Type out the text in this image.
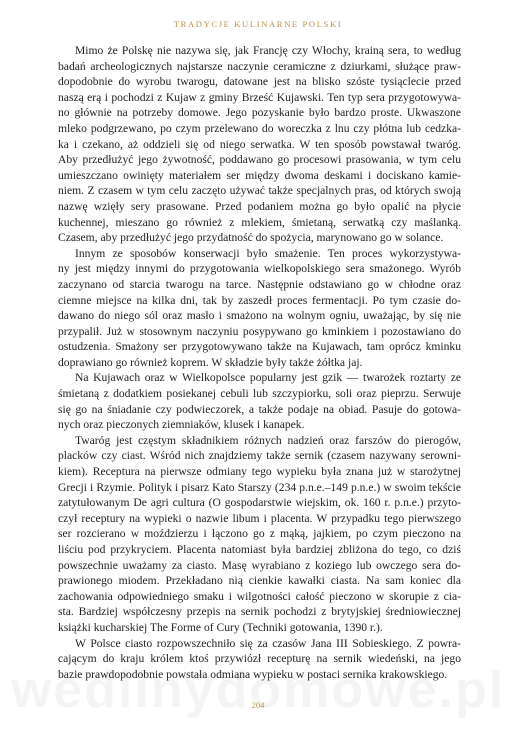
TRADYCJE KULINARNE POLSKI

Mimo że Polskę nie nazywa się, jak Francję czy Włochy, krainą sera, to według
badań archeologicznych najstarsze naczynie ceramiczne z dziurkami, służące praw-
dopodobnie do wyrobu twarogu, datowane jest na blisko szóste tysiąclecie przed
naszą erą i pochodzi z Kujaw z gminy Brześć Kujawski. Ten typ sera przygotowywa-
no głównie na potrzeby domowe. Jego pozyskanie było bardzo proste. Ukwaszone
mleko podgrzewano, po czym przelewano do woreczka z lnu czy płótna lub cedzka-
ka i czekano, aż oddzieli się od niego serwatka. W ten sposób powstawał twaróg.
Aby przedłużyć jego żywotność, poddawano go procesowi prasowania, w tym celu
umieszczano owinięty materiałem ser między dwoma deskami i dociskano kamie-
niem. Z czasem w tym celu zaczęto używać także specjalnych pras, od których swoją
nazwę wzięły sery prasowane. Przed podaniem można go było opalić na płycie
kuchennej, mieszano go również z mlekiem, śmietaną, serwatką czy maślanką.
Czasem, aby przedłużyć jego przydatność do spożycia, marynowano go w solance.

Innym ze sposobów konserwacji było smażenie. Ten proces wykorzystywa-
ny jest między innymi do przygotowania wielkopolskiego sera smażonego. Wyrób
zaczynano od starcia twarogu na tarce. Następnie odstawiano go w chłodne oraz
ciemne miejsce na kilka dni, tak by zaszedł proces fermentacji. Po tym czasie do-
dawano do niego sól oraz masło i smażono na wolnym ogniu, uważając, by się nie
przypalił. Już w stosownym naczyniu posypywano go kminkiem i pozostawiano do
ostudzenia. Smażony ser przygotowywano także na Kujawach, tam oprócz kminku
doprawiano go również koprem. W składzie były także żółtka jaj.

Na Kujawach oraz w Wielkopolsce popularny jest gzik — twarożek roztarty ze
śmietaną z dodatkiem posiekanej cebuli lub szczypiorku, soli oraz pieprzu. Serwuje
się go na śniadanie czy podwieczorek, a także podaje na obiad. Pasuje do gotowa-
nych oraz pieczonych ziemniaków, klusek i kanapek.

Twaróg jest częstym składnikiem różnych nadzień oraz farszów do pierogów,
placków czy ciast. Wśród nich znajdziemy także sernik (czasem nazywany serowni-
kiem). Receptura na pierwsze odmiany tego wypieku była znana już w starożytnej
Grecji i Rzymie. Polityk i pisarz Kato Starszy (234 p.n.e.–149 p.n.e.) w swoim tekście
zatytułowanym De agri cultura (O gospodarstwie wiejskim, ok. 160 r. p.n.e.) przyto-
czył receptury na wypieki o nazwie libum i placenta. W przypadku tego pierwszego
ser rozcierano w moździerzu i łączono go z mąką, jajkiem, po czym pieczono na
liściu pod przykryciem. Placenta natomiast była bardziej zbliżona do tego, co dziś
powszechnie uważamy za ciasto. Masę wyrabiano z koziego lub owczego sera do-
prawionego miodem. Przekładano nią cienkie kawałki ciasta. Na sam koniec dla
zachowania odpowiedniego smaku i wilgotności całość pieczono w skorupie z cia-
sta. Bardziej współczesny przepis na sernik pochodzi z brytyjskiej średniowiecznej
książki kucharskiej The Forme of Cury (Techniki gotowania, 1390 r.).

W Polsce ciasto rozpowszechniło się za czasów Jana III Sobieskiego. Z powra-
cającym do kraju królem ktoś przywiózł recepturę na sernik wiedeński, na jego
bazie prawdopodobnie powstała odmiana wypieku w postaci sernika krakowskiego.

204
